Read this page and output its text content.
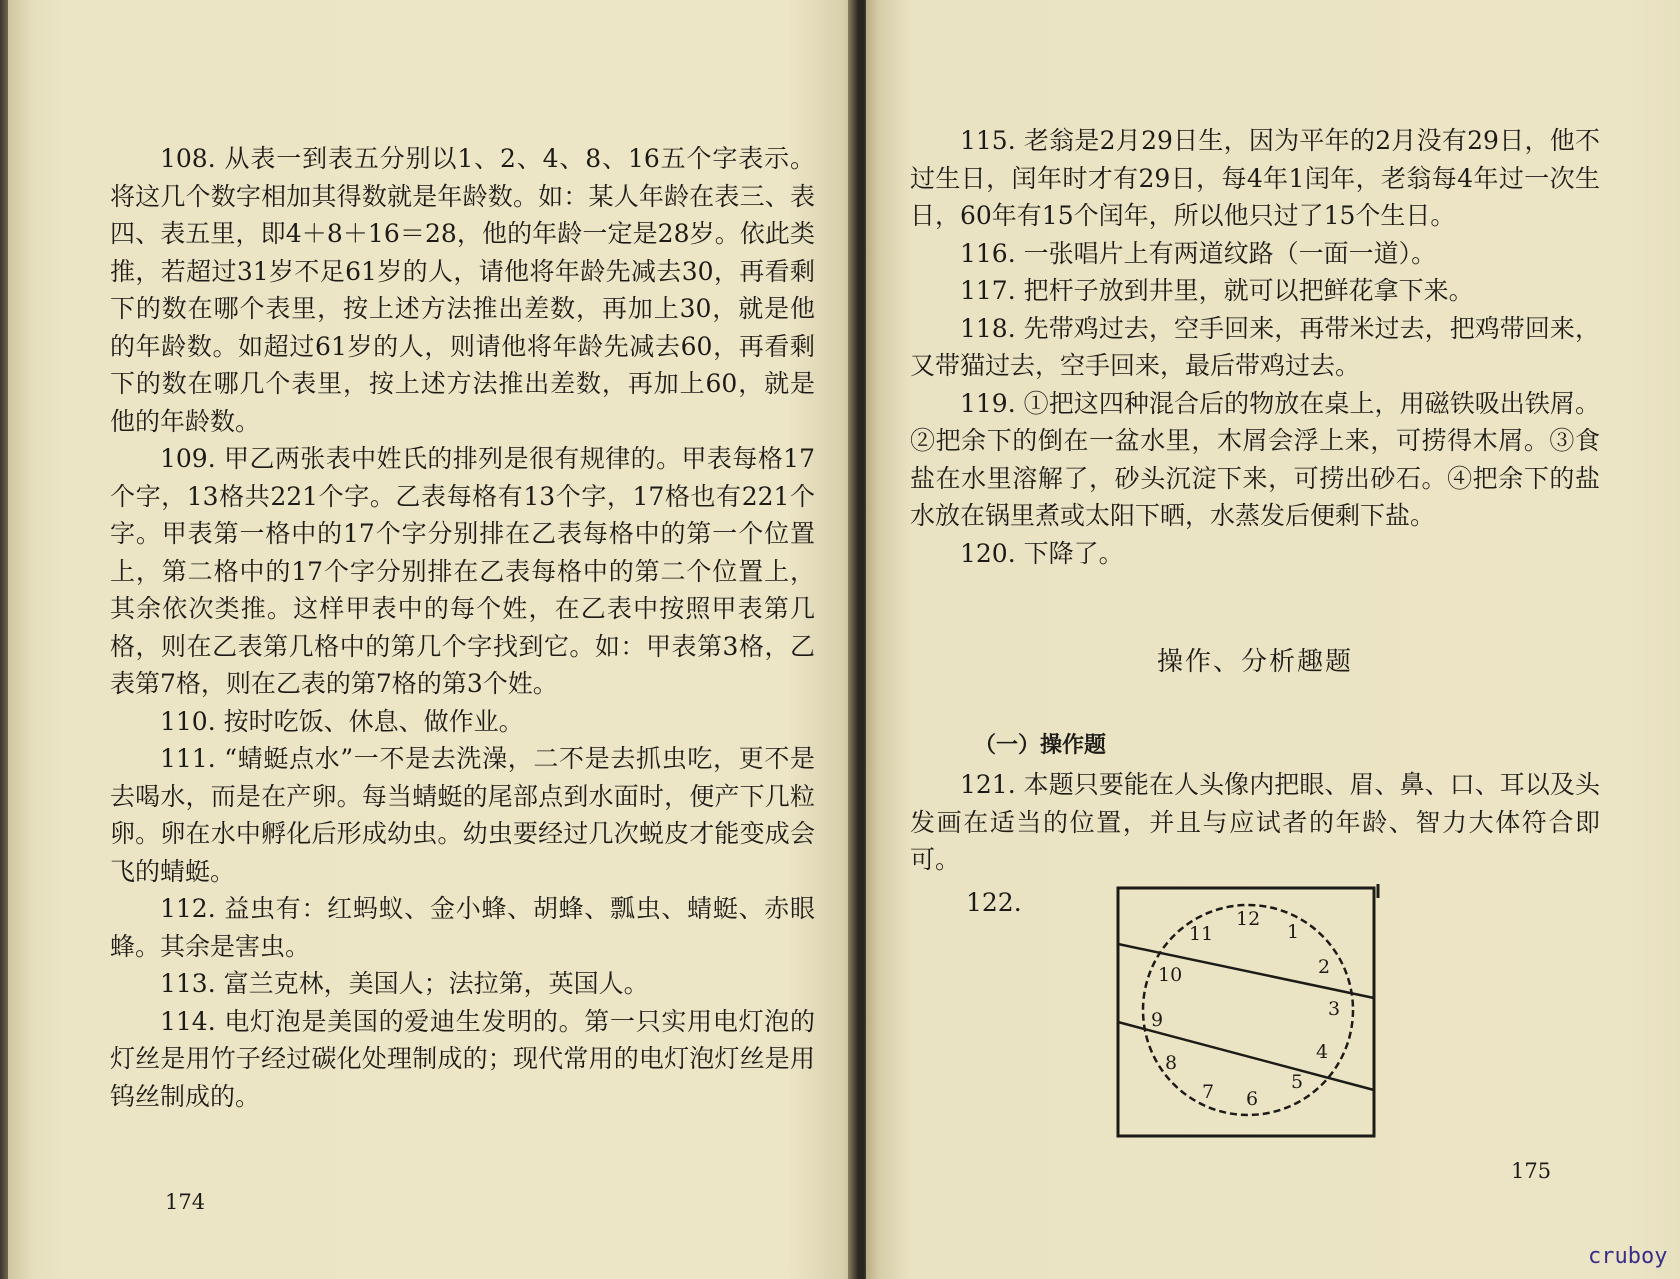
108. 从表一到表五分别以1、2、4、8、16五个字表示。将这几个数字相加其得数就是年龄数。如：某人年龄在表三、表四、表五里，即4＋8＋16＝28，他的年龄一定是28岁。依此类推，若超过31岁不足61岁的人，请他将年龄先减去30，再看剩下的数在哪个表里，按上述方法推出差数，再加上30，就是他的年龄数。如超过61岁的人，则请他将年龄先减去60，再看剩下的数在哪几个表里，按上述方法推出差数，再加上60，就是他的年龄数。

109. 甲乙两张表中姓氏的排列是很有规律的。甲表每格17个字，13格共221个字。乙表每格有13个字，17格也有221个字。甲表第一格中的17个字分别排在乙表每格中的第一个位置上，第二格中的17个字分别排在乙表每格中的第二个位置上，其余依次类推。这样甲表中的每个姓，在乙表中按照甲表第几格，则在乙表第几格中的第几个字找到它。如：甲表第3格，乙表第7格，则在乙表的第7格的第3个姓。

110. 按时吃饭、休息、做作业。

111. “蜻蜓点水”一不是去洗澡，二不是去抓虫吃，更不是去喝水，而是在产卵。每当蜻蜓的尾部点到水面时，便产下几粒卵。卵在水中孵化后形成幼虫。幼虫要经过几次蜕皮才能变成会飞的蜻蜓。

112. 益虫有：红蚂蚁、金小蜂、胡蜂、瓢虫、蜻蜓、赤眼蜂。其余是害虫。

113. 富兰克林，美国人；法拉第，英国人。

114. 电灯泡是美国的爱迪生发明的。第一只实用电灯泡的灯丝是用竹子经过碳化处理制成的；现代常用的电灯泡灯丝是用钨丝制成的。

174

115. 老翁是2月29日生，因为平年的2月没有29日，他不过生日，闰年时才有29日，每4年1闰年，老翁每4年过一次生日，60年有15个闰年，所以他只过了15个生日。

116. 一张唱片上有两道纹路（一面一道）。

117. 把杆子放到井里，就可以把鲜花拿下来。

118. 先带鸡过去，空手回来，再带米过去，把鸡带回来，又带猫过去，空手回来，最后带鸡过去。

119. ①把这四种混合后的物放在桌上，用磁铁吸出铁屑。②把余下的倒在一盆水里，木屑会浮上来，可捞得木屑。③食盐在水里溶解了，砂头沉淀下来，可捞出砂石。④把余下的盐水放在锅里煮或太阳下晒，水蒸发后便剩下盐。

120. 下降了。

操作、分析趣题
（一）操作题

121. 本题只要能在人头像内把眼、眉、鼻、口、耳以及头发画在适当的位置，并且与应试者的年龄、智力大体符合即可。

122.
12
1
2
3
4
5
6
7
8
9
10
11
175
cruboy
